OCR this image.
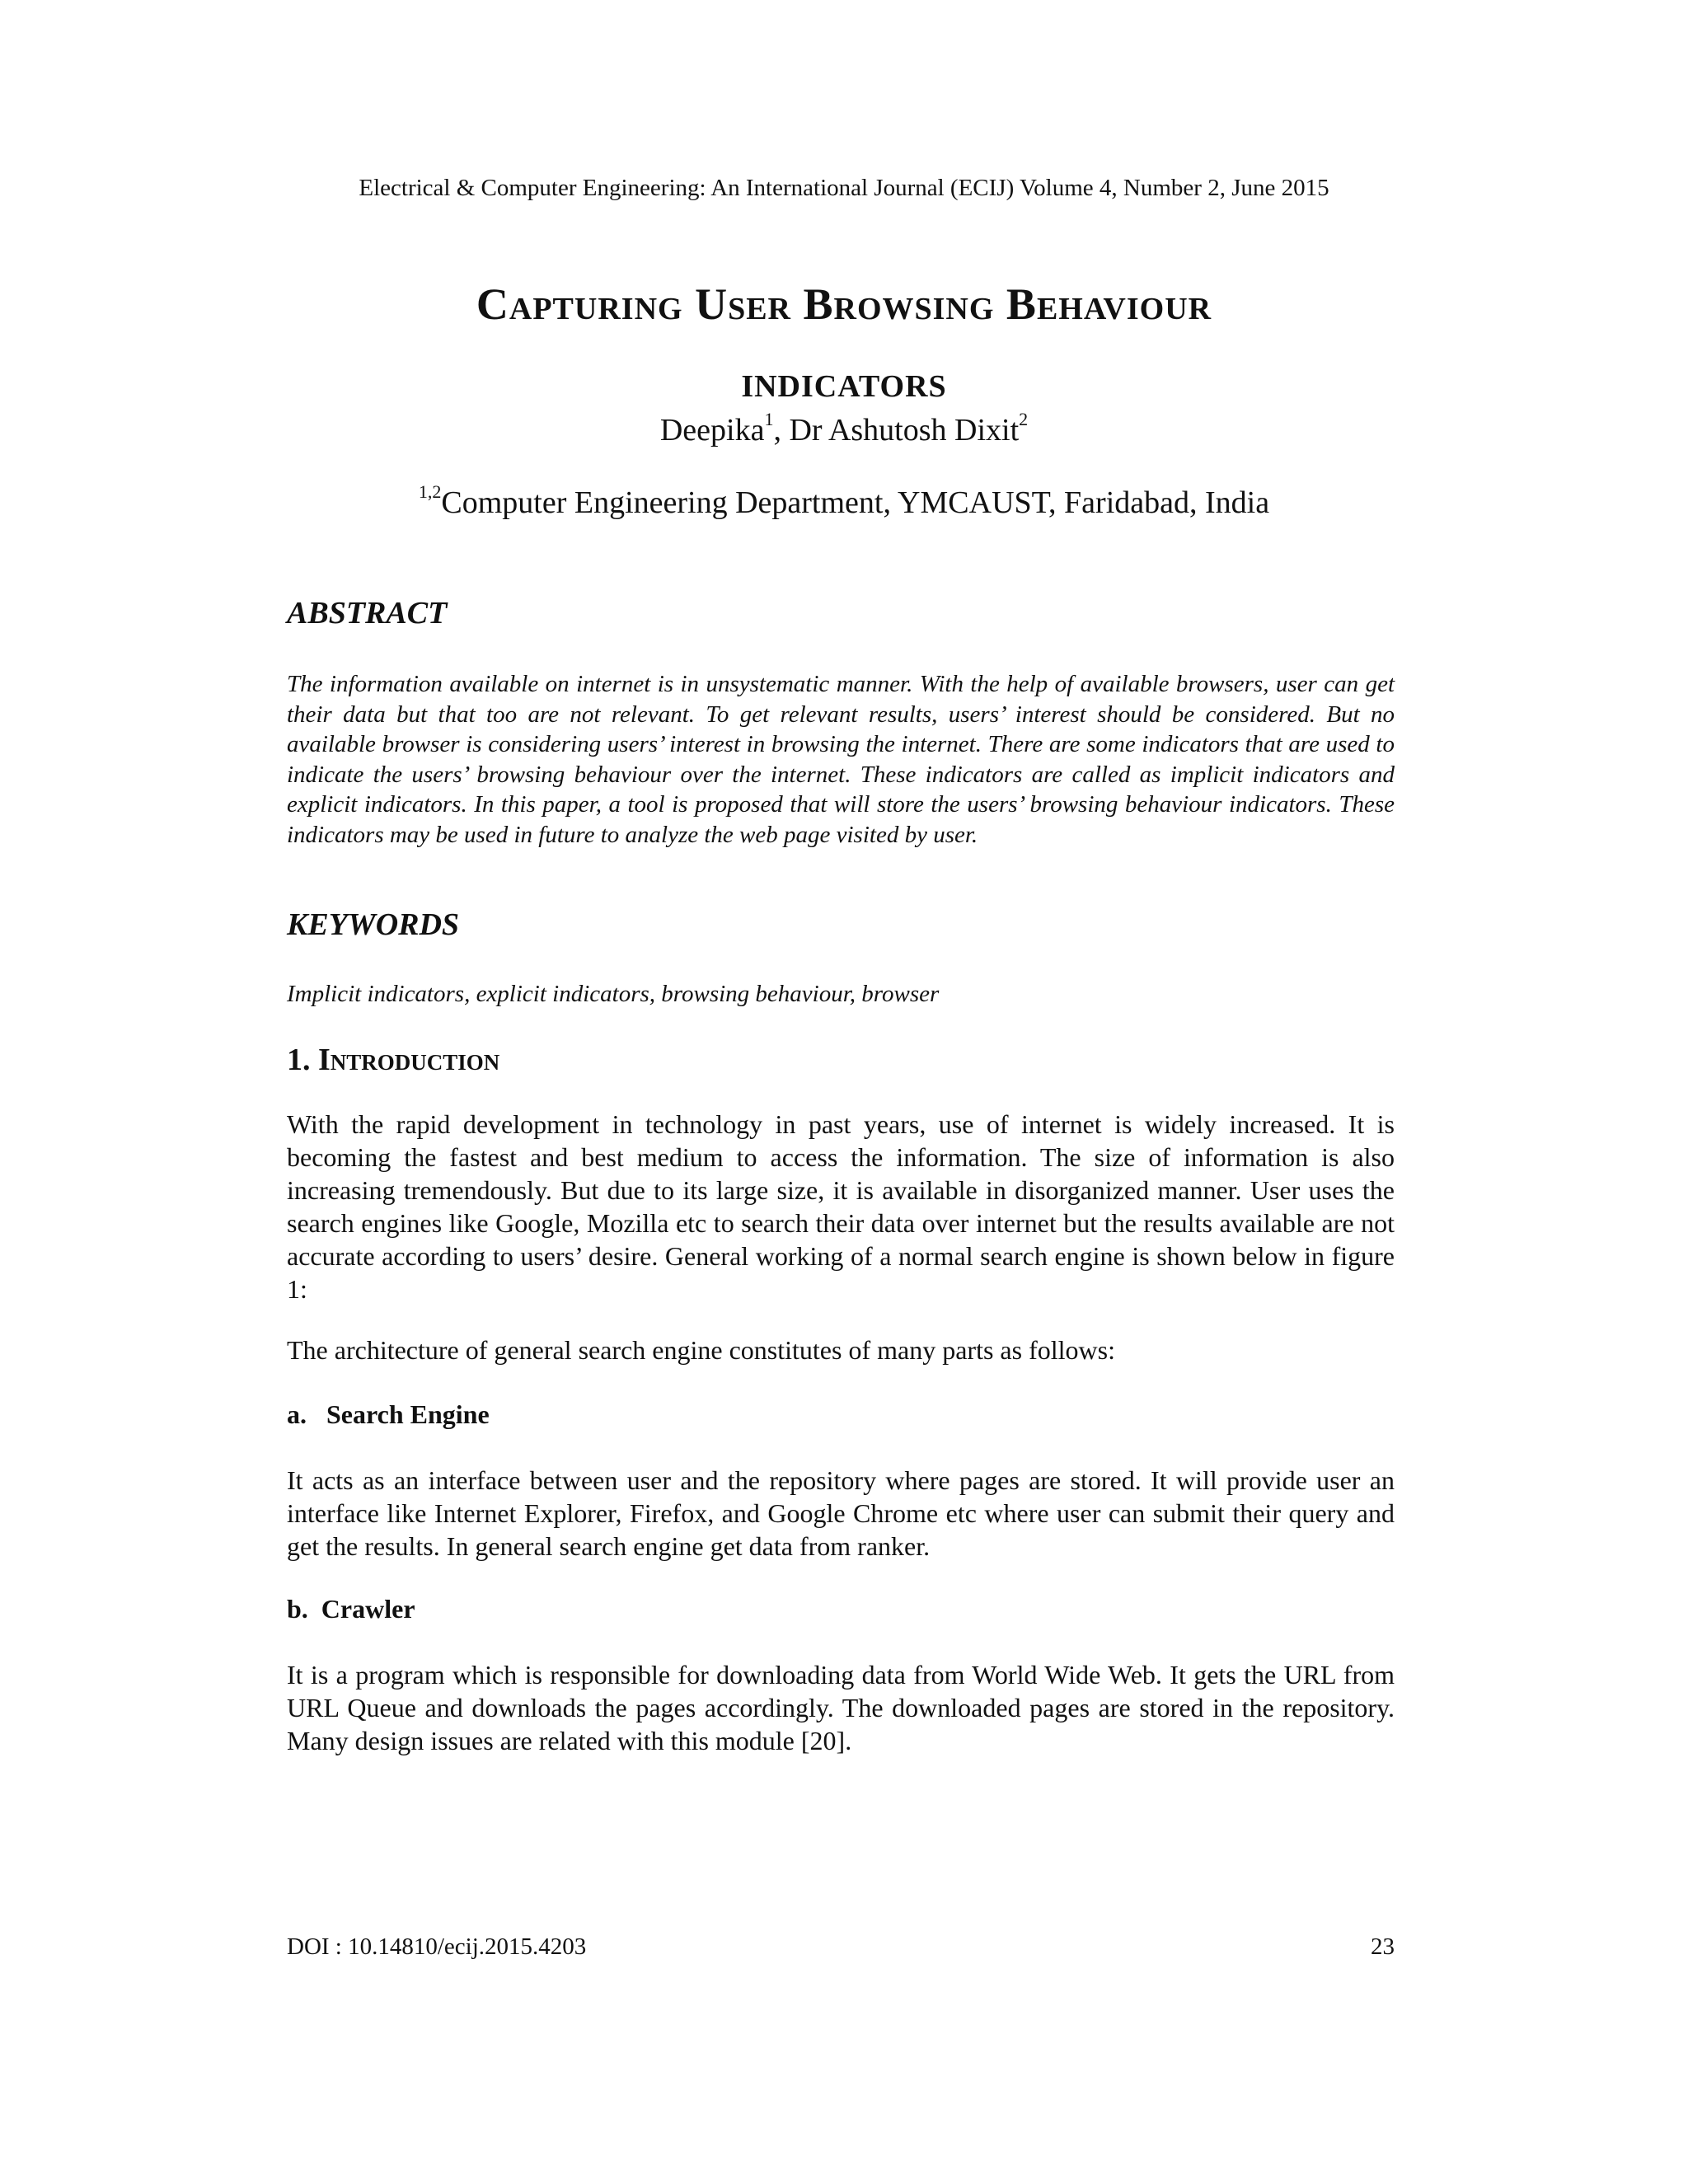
Electrical & Computer Engineering: An International Journal (ECIJ) Volume 4, Number 2, June 2015
Capturing User Browsing Behaviour
indicators
Deepika$^1$, Dr Ashutosh Dixit$^2$
$^{1,2}$Computer Engineering Department, YMCAUST, Faridabad, India
ABSTRACT

The information available on internet is in unsystematic manner. With the help of available browsers, user can get their data but that too are not relevant. To get relevant results, users’ interest should be considered. But no available browser is considering users’ interest in browsing the internet. There are some indicators that are used to indicate the users’ browsing behaviour over the internet. These indicators are called as implicit indicators and explicit indicators. In this paper, a tool is proposed that will store the users’ browsing behaviour indicators. These indicators may be used in future to analyze the web page visited by user.

KEYWORDS

Implicit indicators, explicit indicators, browsing behaviour, browser

1. Introduction

With the rapid development in technology in past years, use of internet is widely increased. It is becoming the fastest and best medium to access the information. The size of information is also increasing tremendously. But due to its large size, it is available in disorganized manner. User uses the search engines like Google, Mozilla etc to search their data over internet but the results available are not accurate according to users’ desire. General working of a normal search engine is shown below in figure 1:

The architecture of general search engine constitutes of many parts as follows:

a.   Search Engine

It acts as an interface between user and the repository where pages are stored. It will provide user an interface like Internet Explorer, Firefox, and Google Chrome etc where user can submit their query and get the results. In general search engine get data from ranker.

b.  Crawler

It is a program which is responsible for downloading data from World Wide Web. It gets the URL from URL Queue and downloads the pages accordingly. The downloaded pages are stored in the repository. Many design issues are related with this module [20].

DOI : 10.14810/ecij.2015.4203	23
